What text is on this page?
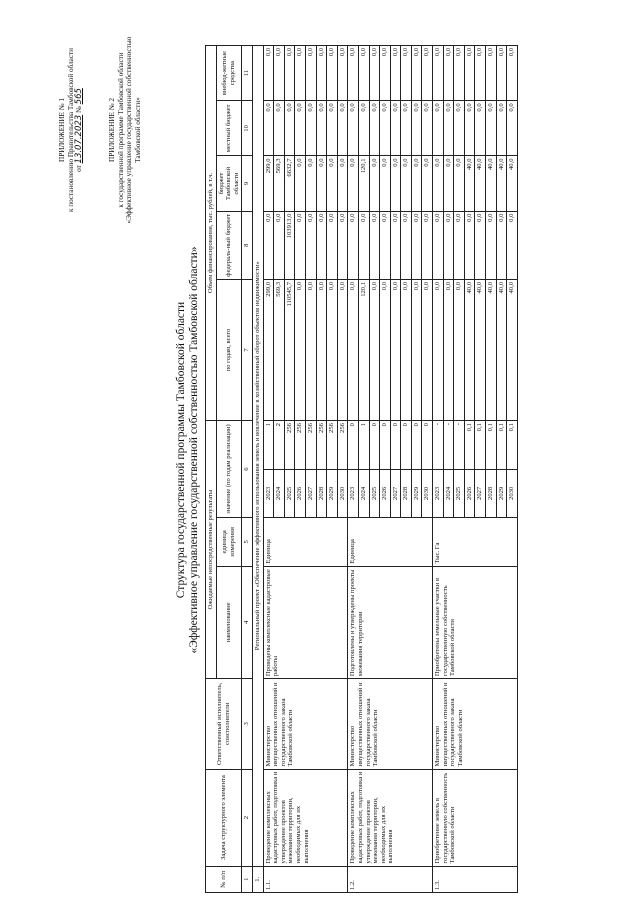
ПРИЛОЖЕНИЕ № 1 к постановлению Правительства Тамбовской области от 13.07.2023 № 565
ПРИЛОЖЕНИЕ № 2 к государственной программе Тамбовской области «Эффективное управление государственной собственностью Тамбовской области»
Структура государственной программы Тамбовской области «Эффективное управление государственной собственностью Тамбовской области»
№ п/п	Задача структурного элемента	Ответственный исполнитель, соисполнители	Ожидаемые непосредственные результаты				Объем финансирования, тыс. рублей, в т.ч.				
			наименование	единица измерения	значение (по годам реализации)		по годам, всего	федераль-ный бюджет	бюджет Тамбовской области	местный бюджет	внебюд-жетные средства
1	2	3	4	5	6		7	8	9	10	11
1.	Региональный проект «Обеспечение эффективного использования земель и вовлечение в хозяйственный оборот объектов недвижимости»										
1.1.	Проведение комплексных кадастровых работ, подготовка и утверждение проектов межевания территории, необходимых для их выполнения	Министерство имущественных отношений и государственного заказа Тамбовской области	Проведены комплексные кадастровые работы	Единица	2023	1	299,0	0,0	299,0	0,0	0,0
					2024	2	569,3	0,0	569,3	0,0	0,0
					2025	256	110545,7	103913,0	6632,7	0,0	0,0
					2026	256	0,0	0,0	0,0	0,0	0,0
					2027	256	0,0	0,0	0,0	0,0	0,0
					2028	256	0,0	0,0	0,0	0,0	0,0
					2029	256	0,0	0,0	0,0	0,0	0,0
					2030	256	0,0	0,0	0,0	0,0	0,0
1.2.	Проведение комплексных кадастровых работ, подготовка и утверждение проектов межевания территории, необходимых для их выполнения	Министерство имущественных отношений и государственного заказа Тамбовской области	Подготовлены и утверждены проекты межевания территории	Единица	2023	0	0,0	0,0	0,0	0,0	0,0
					2024	1	120,1	0,0	120,1	0,0	0,0
					2025	0	0,0	0,0	0,0	0,0	0,0
					2026	0	0,0	0,0	0,0	0,0	0,0
					2027	0	0,0	0,0	0,0	0,0	0,0
					2028	0	0,0	0,0	0,0	0,0	0,0
					2029	0	0,0	0,0	0,0	0,0	0,0
					2030	0	0,0	0,0	0,0	0,0	0,0
1.3.	Приобретение земель в государственную собственность Тамбовской области	Министерство имущественных отношений и государственного заказа Тамбовской области	Приобретены земельные участки в государственную собственность Тамбовской области	Тыс. Га	2023	-	0,0	0,0	0,0	0,0	0,0
					2024	-	0,0	0,0	0,0	0,0	0,0
					2025	-	0,0	0,0	0,0	0,0	0,0
					2026	0,1	40,0	0,0	40,0	0,0	0,0
					2027	0,1	40,0	0,0	40,0	0,0	0,0
					2028	0,1	40,0	0,0	40,0	0,0	0,0
					2029	0,1	40,0	0,0	40,0	0,0	0,0
					2030	0,1	40,0	0,0	40,0	0,0	0,0
